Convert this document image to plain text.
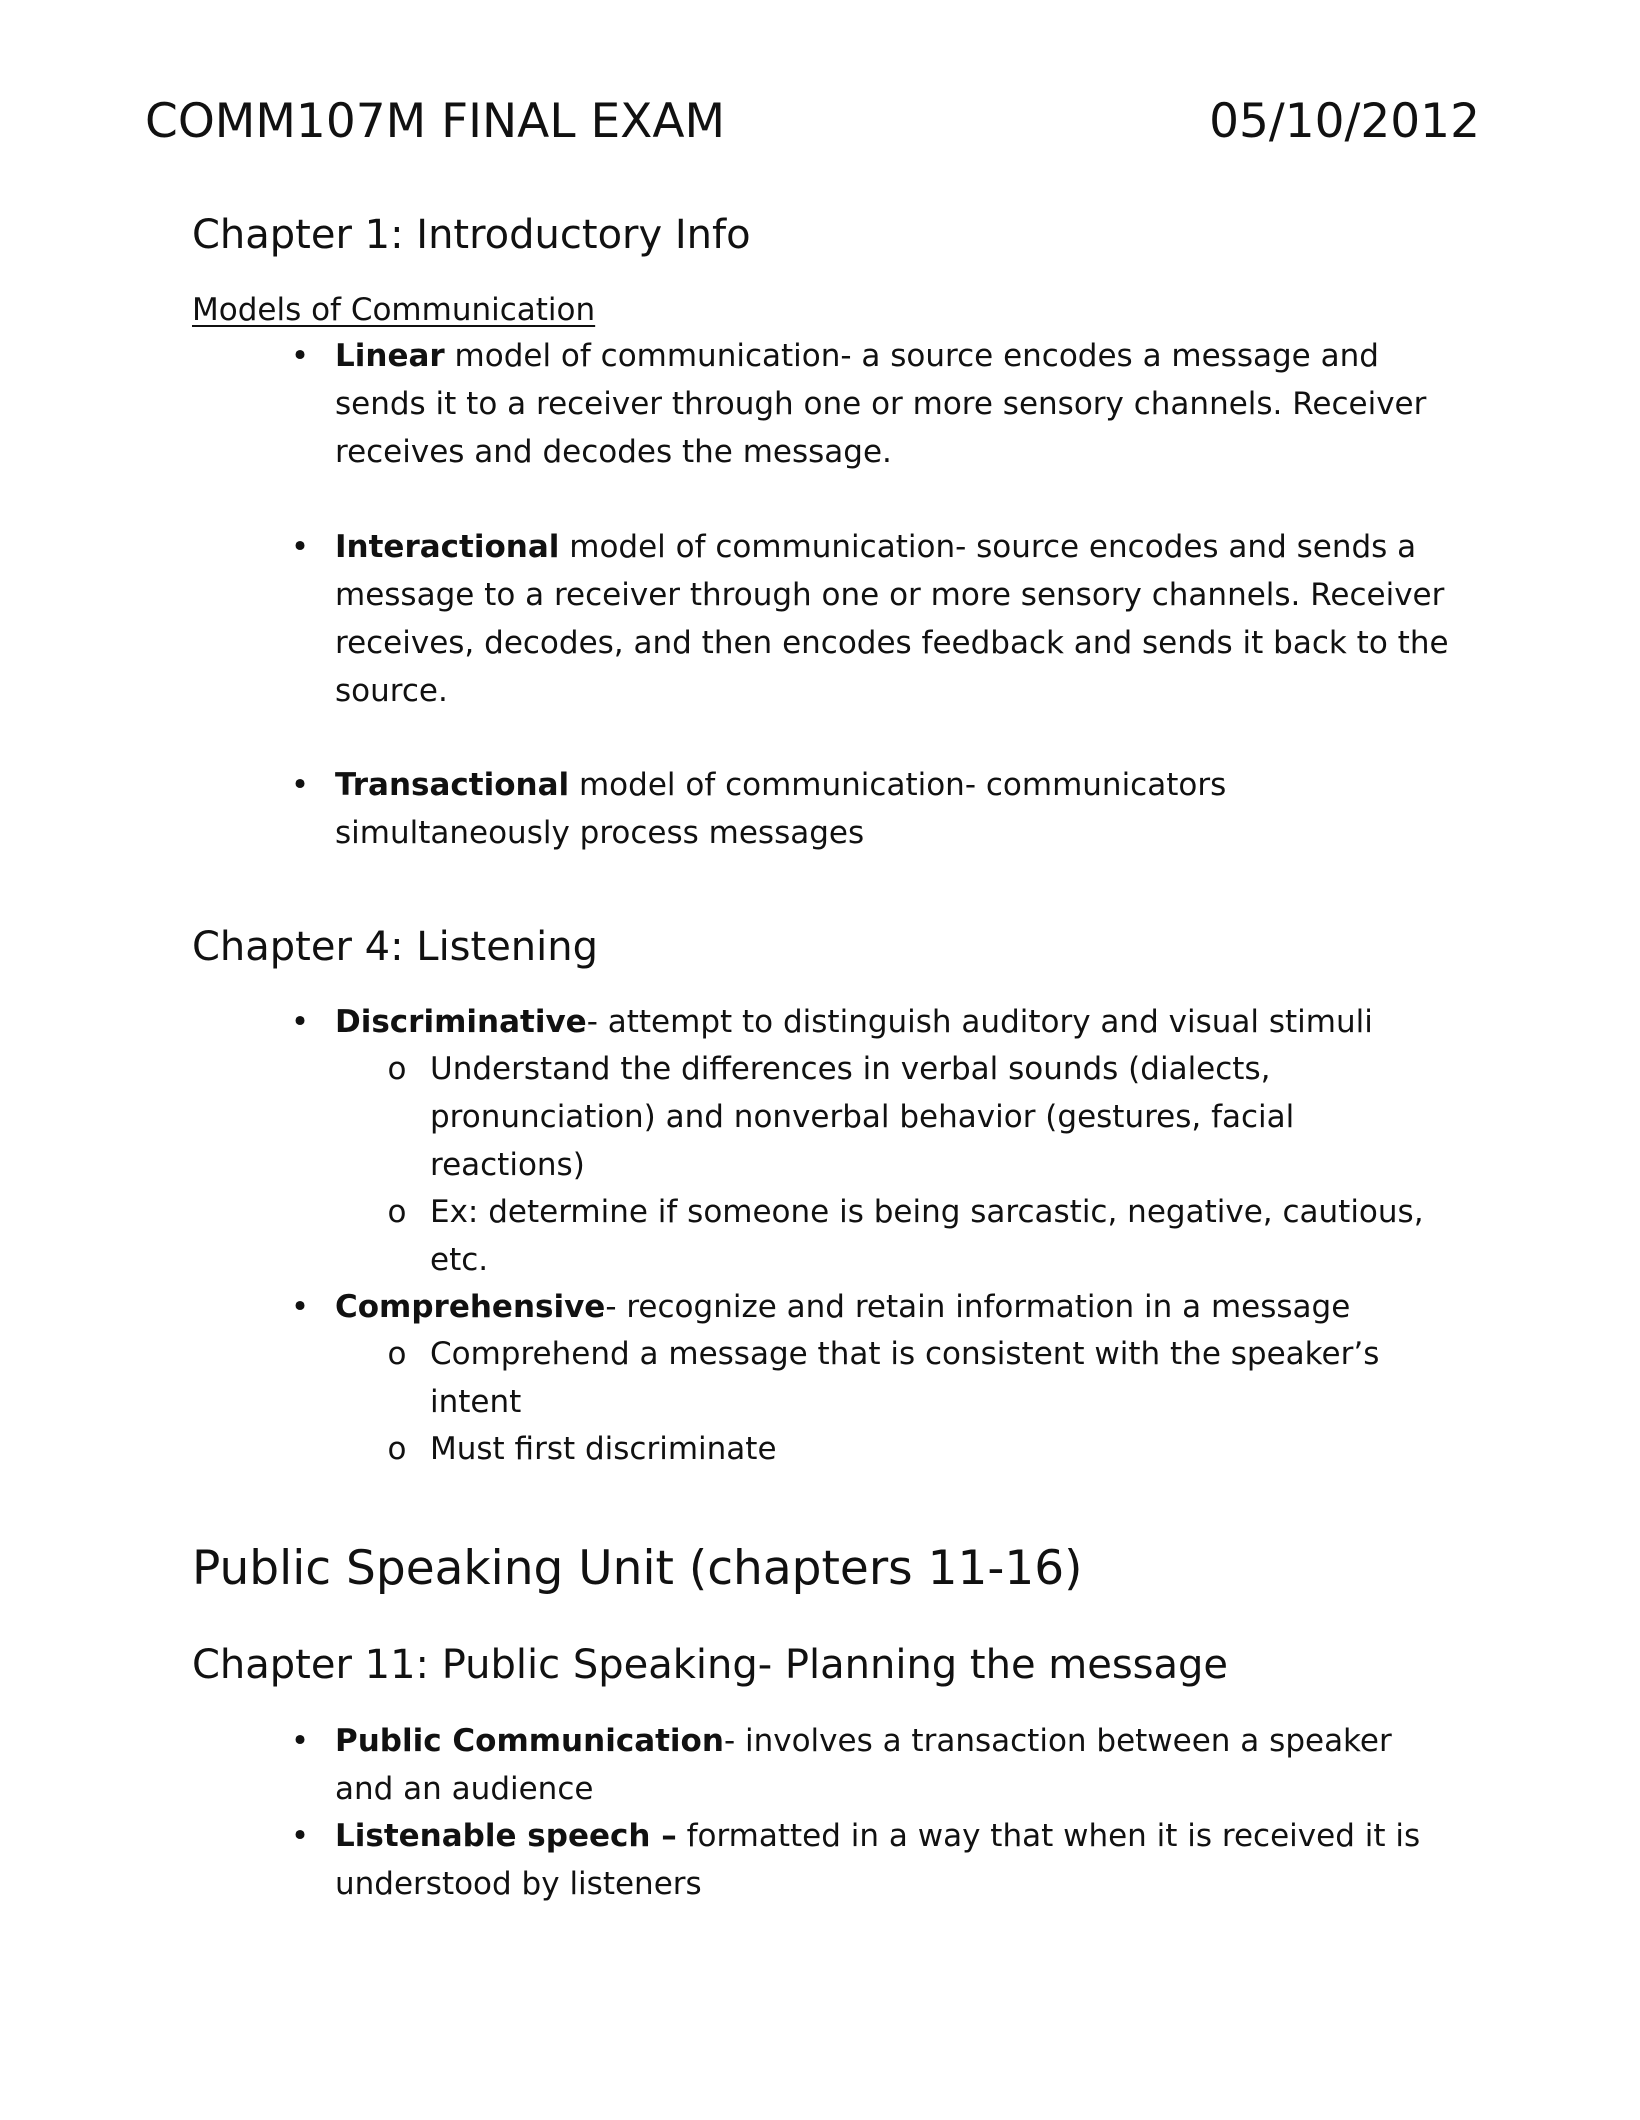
COMM107M FINAL EXAM	05/10/2012
Chapter 1: Introductory Info
Models of Communication
• Linear model of communication- a source encodes a message and sends it to a receiver through one or more sensory channels. Receiver receives and decodes the message.
• Interactional model of communication- source encodes and sends a message to a receiver through one or more sensory channels. Receiver receives, decodes, and then encodes feedback and sends it back to the source.
• Transactional model of communication- communicators simultaneously process messages
Chapter 4: Listening
• Discriminative- attempt to distinguish auditory and visual stimuli
o Understand the differences in verbal sounds (dialects, pronunciation) and nonverbal behavior (gestures, facial reactions)
o Ex: determine if someone is being sarcastic, negative, cautious, etc.
• Comprehensive- recognize and retain information in a message
o Comprehend a message that is consistent with the speaker’s intent
o Must first discriminate
Public Speaking Unit (chapters 11-16)
Chapter 11: Public Speaking- Planning the message
• Public Communication- involves a transaction between a speaker and an audience
• Listenable speech – formatted in a way that when it is received it is understood by listeners
